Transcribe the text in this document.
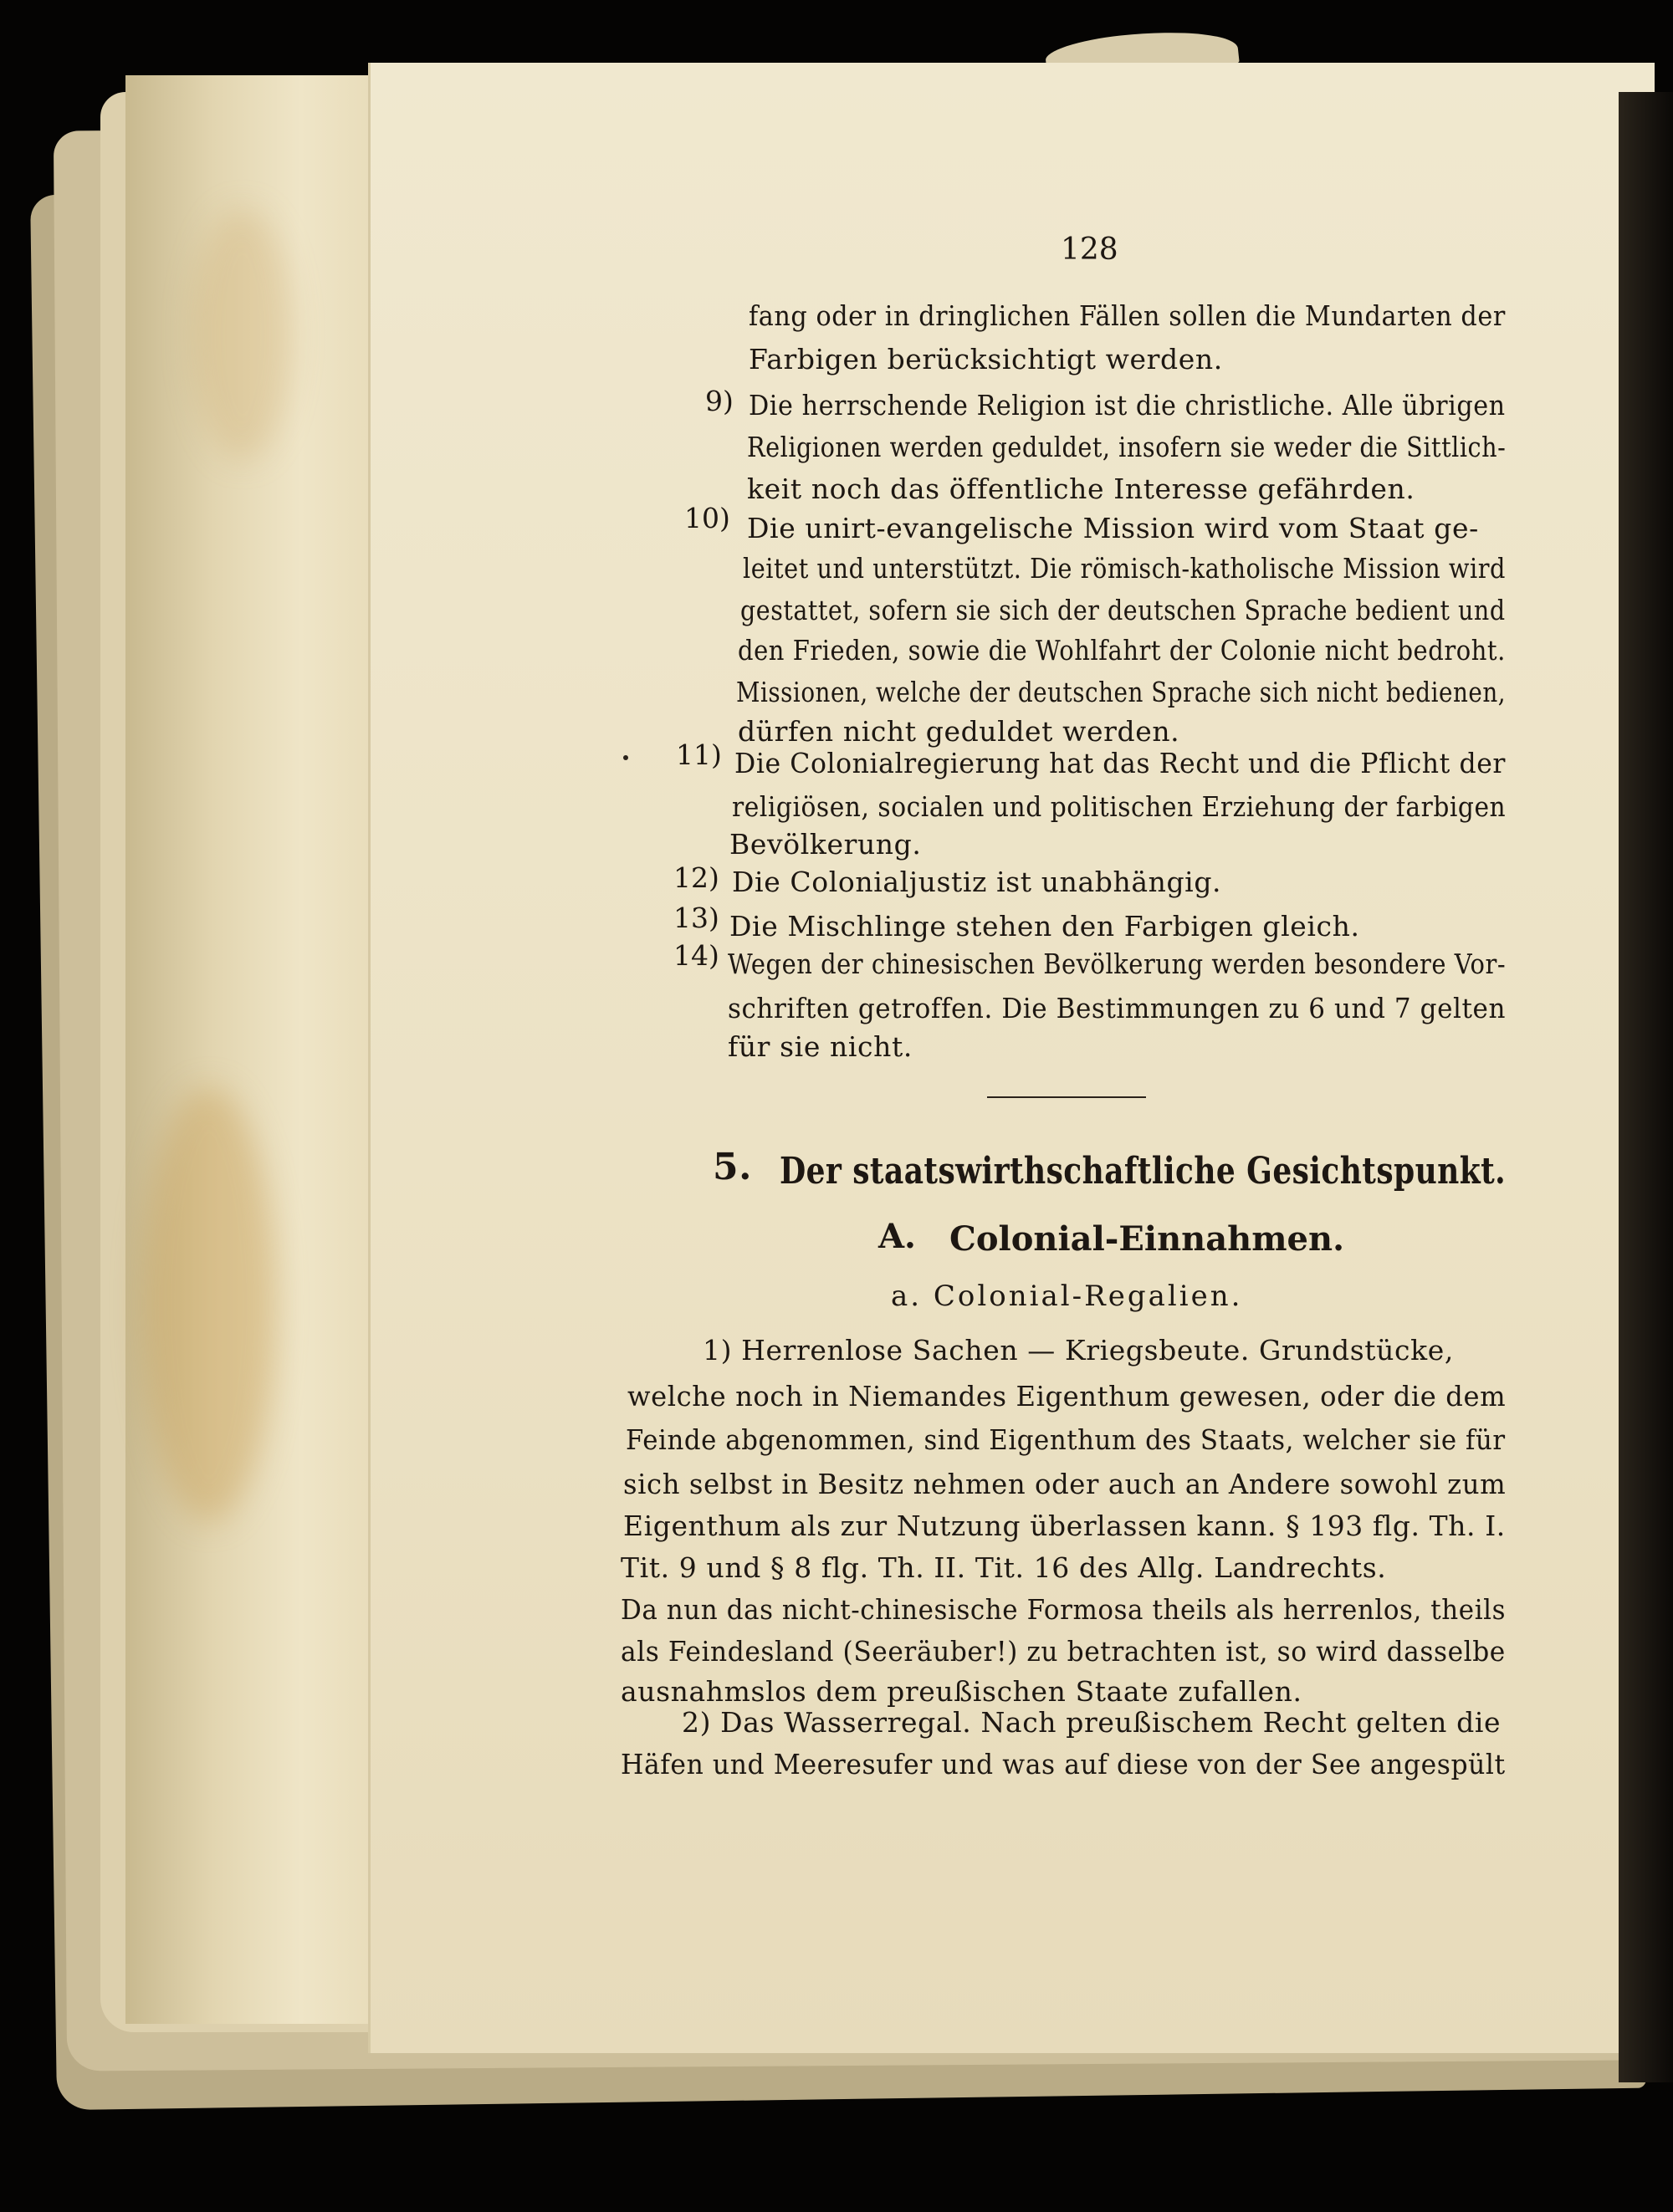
128
fang oder in dringlichen Fällen sollen die Mundarten der
Farbigen berücksichtigt werden.
9) Die herrschende Religion ist die christliche. Alle übrigen
Religionen werden geduldet, insofern sie weder die Sittlich-
keit noch das öffentliche Interesse gefährden.
10) Die unirt-evangelische Mission wird vom Staat ge-
leitet und unterstützt. Die römisch-katholische Mission wird
gestattet, sofern sie sich der deutschen Sprache bedient und
den Frieden, sowie die Wohlfahrt der Colonie nicht bedroht.
Missionen, welche der deutschen Sprache sich nicht bedienen,
dürfen nicht geduldet werden.
11) Die Colonialregierung hat das Recht und die Pflicht der
religiösen, socialen und politischen Erziehung der farbigen
Bevölkerung.
12) Die Colonialjustiz ist unabhängig.
13) Die Mischlinge stehen den Farbigen gleich.
14) Wegen der chinesischen Bevölkerung werden besondere Vor-
schriften getroffen. Die Bestimmungen zu 6 und 7 gelten
für sie nicht.
5. Der staatswirthschaftliche Gesichtspunkt.
A. Colonial-Einnahmen.
a. Colonial-Regalien.
1) Herrenlose Sachen — Kriegsbeute. Grundstücke,
welche noch in Niemandes Eigenthum gewesen, oder die dem
Feinde abgenommen, sind Eigenthum des Staats, welcher sie für
sich selbst in Besitz nehmen oder auch an Andere sowohl zum
Eigenthum als zur Nutzung überlassen kann. § 193 flg. Th. I.
Tit. 9 und § 8 flg. Th. II. Tit. 16 des Allg. Landrechts.
Da nun das nicht-chinesische Formosa theils als herrenlos, theils
als Feindesland (Seeräuber!) zu betrachten ist, so wird dasselbe
ausnahmslos dem preußischen Staate zufallen.
2) Das Wasserregal. Nach preußischem Recht gelten die
Häfen und Meeresufer und was auf diese von der See angespült
